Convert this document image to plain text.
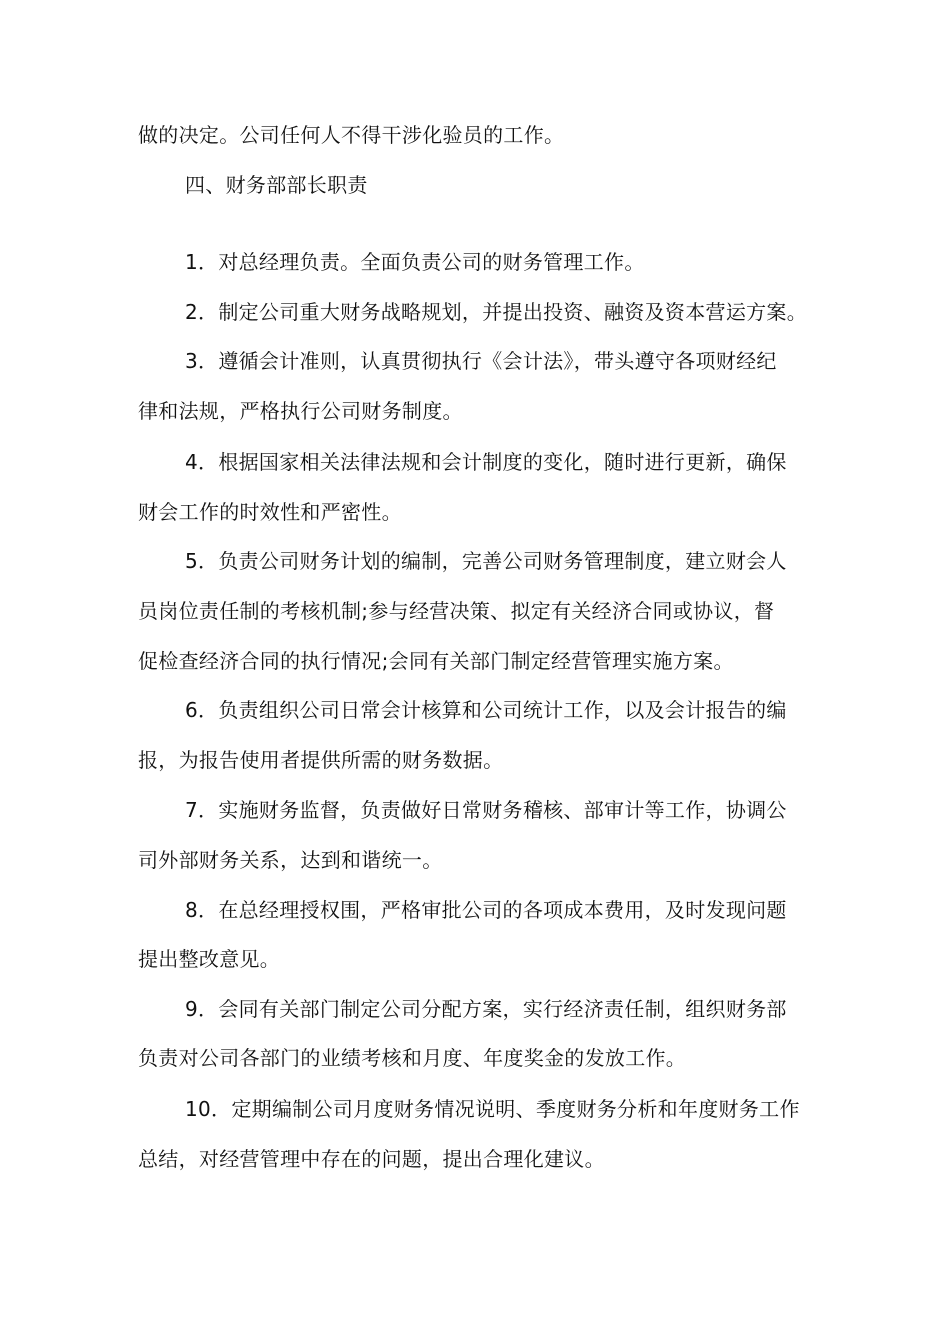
做的决定。公司任何人不得干涉化验员的工作。
四、财务部部长职责
1．对总经理负责。全面负责公司的财务管理工作。
2．制定公司重大财务战略规划，并提出投资、融资及资本营运方案。
3．遵循会计准则，认真贯彻执行《会计法》，带头遵守各项财经纪
律和法规，严格执行公司财务制度。
4．根据国家相关法律法规和会计制度的变化，随时进行更新，确保
财会工作的时效性和严密性。
5．负责公司财务计划的编制，完善公司财务管理制度，建立财会人
员岗位责任制的考核机制;参与经营决策、拟定有关经济合同或协议，督
促检查经济合同的执行情况;会同有关部门制定经营管理实施方案。
6．负责组织公司日常会计核算和公司统计工作，以及会计报告的编
报，为报告使用者提供所需的财务数据。
7．实施财务监督，负责做好日常财务稽核、部审计等工作，协调公
司外部财务关系，达到和谐统一。
8．在总经理授权围，严格审批公司的各项成本费用，及时发现问题
提出整改意见。
9．会同有关部门制定公司分配方案，实行经济责任制，组织财务部
负责对公司各部门的业绩考核和月度、年度奖金的发放工作。
10．定期编制公司月度财务情况说明、季度财务分析和年度财务工作
总结，对经营管理中存在的问题，提出合理化建议。
